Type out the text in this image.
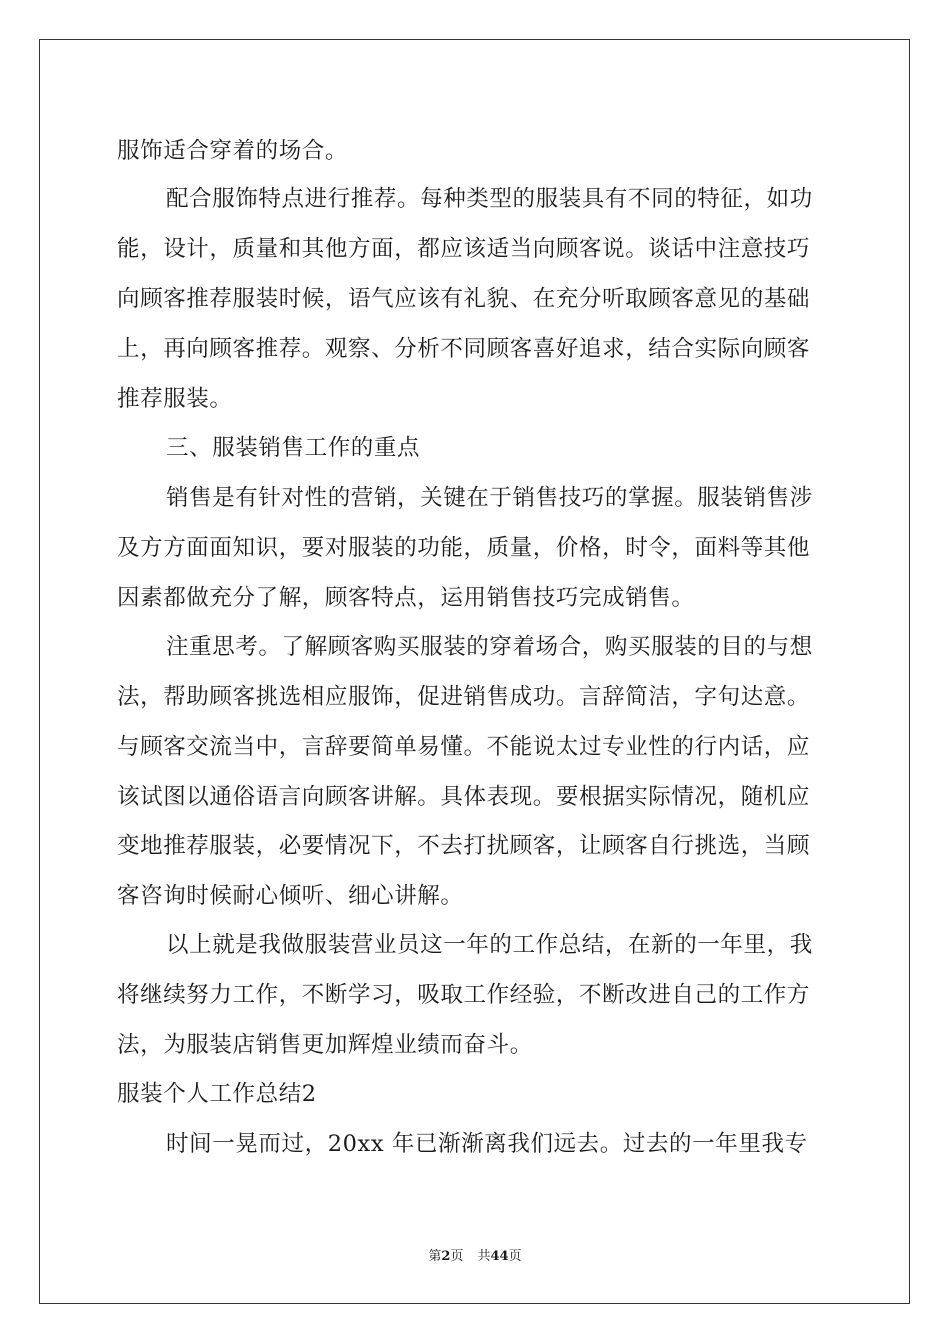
服饰适合穿着的场合。
配合服饰特点进行推荐。每种类型的服装具有不同的特征，如功
能，设计，质量和其他方面，都应该适当向顾客说。谈话中注意技巧
向顾客推荐服装时候，语气应该有礼貌、在充分听取顾客意见的基础
上，再向顾客推荐。观察、分析不同顾客喜好追求，结合实际向顾客
推荐服装。
三、服装销售工作的重点
销售是有针对性的营销，关键在于销售技巧的掌握。服装销售涉
及方方面面知识，要对服装的功能，质量，价格，时令，面料等其他
因素都做充分了解，顾客特点，运用销售技巧完成销售。
注重思考。了解顾客购买服装的穿着场合，购买服装的目的与想
法，帮助顾客挑选相应服饰，促进销售成功。言辞简洁，字句达意。
与顾客交流当中，言辞要简单易懂。不能说太过专业性的行内话，应
该试图以通俗语言向顾客讲解。具体表现。要根据实际情况，随机应
变地推荐服装，必要情况下，不去打扰顾客，让顾客自行挑选，当顾
客咨询时候耐心倾听、细心讲解。
以上就是我做服装营业员这一年的工作总结，在新的一年里，我
将继续努力工作，不断学习，吸取工作经验，不断改进自己的工作方
法，为服装店销售更加辉煌业绩而奋斗。
服装个人工作总结2
时间一晃而过，20xx 年已渐渐离我们远去。过去的一年里我专
第2页 共44页
